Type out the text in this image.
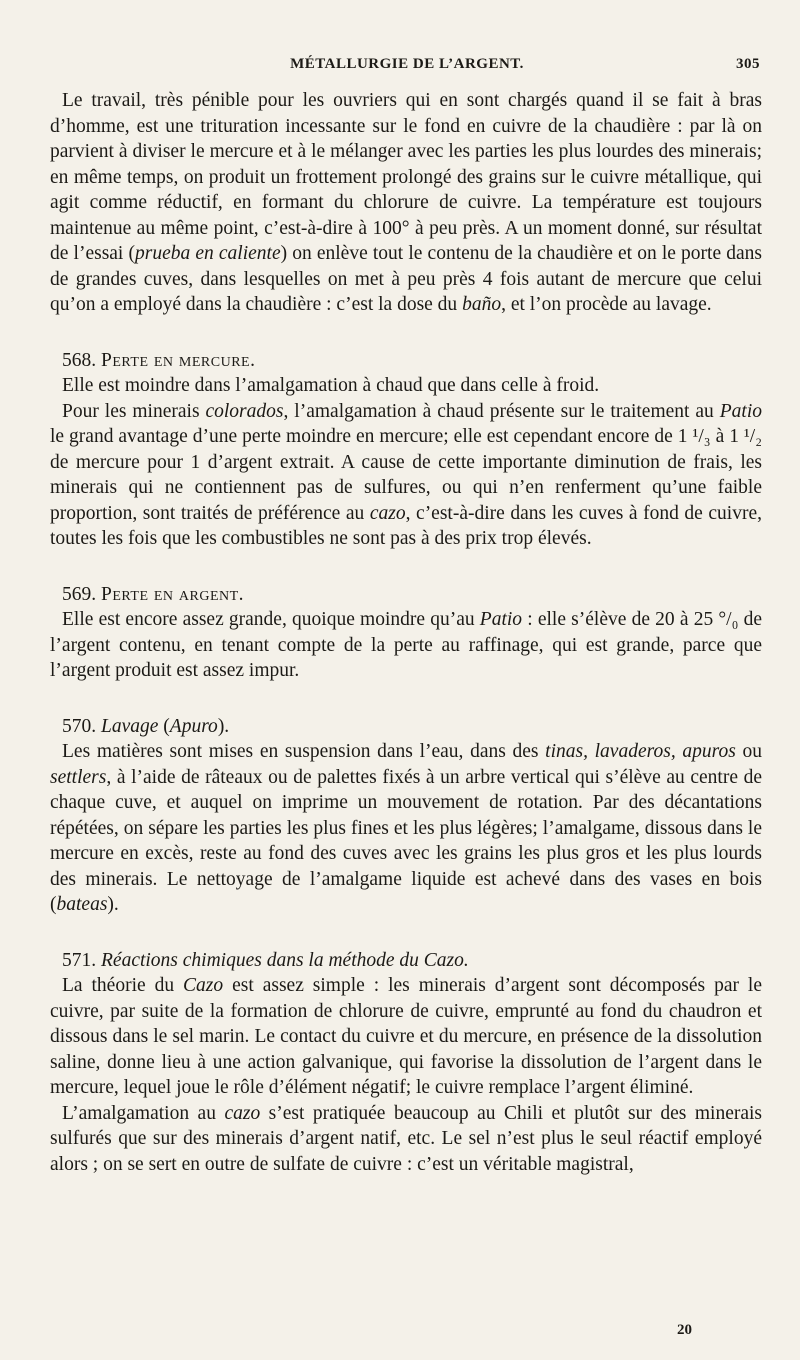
MÉTALLURGIE DE L’ARGENT.	305

Le travail, très pénible pour les ouvriers qui en sont chargés quand il se fait à bras d’homme, est une trituration incessante sur le fond en cuivre de la chaudière : par là on parvient à diviser le mercure et à le mélanger avec les parties les plus lourdes des minerais; en même temps, on produit un frottement prolongé des grains sur le cuivre métallique, qui agit comme réductif, en formant du chlorure de cuivre. La température est toujours maintenue au même point, c’est-à-dire à 100° à peu près. A un moment donné, sur résultat de l’essai (prueba en caliente) on enlève tout le contenu de la chaudière et on le porte dans de grandes cuves, dans lesquelles on met à peu près 4 fois autant de mercure que celui qu’on a employé dans la chaudière : c’est la dose du baño, et l’on procède au lavage.

568. Perte en mercure.

Elle est moindre dans l’amalgamation à chaud que dans celle à froid.

Pour les minerais colorados, l’amalgamation à chaud présente sur le traitement au Patio le grand avantage d’une perte moindre en mercure; elle est cependant encore de 1 ¹/₃ à 1 ¹/₂ de mercure pour 1 d’argent extrait. A cause de cette importante diminution de frais, les minerais qui ne contiennent pas de sulfures, ou qui n’en renferment qu’une faible proportion, sont traités de préférence au cazo, c’est-à-dire dans les cuves à fond de cuivre, toutes les fois que les combustibles ne sont pas à des prix trop élevés.

569. Perte en argent.

Elle est encore assez grande, quoique moindre qu’au Patio : elle s’élève de 20 à 25 °/₀ de l’argent contenu, en tenant compte de la perte au raffinage, qui est grande, parce que l’argent produit est assez impur.

570. Lavage (Apuro).

Les matières sont mises en suspension dans l’eau, dans des tinas, lavaderos, apuros ou settlers, à l’aide de râteaux ou de palettes fixés à un arbre vertical qui s’élève au centre de chaque cuve, et auquel on imprime un mouvement de rotation. Par des décantations répétées, on sépare les parties les plus fines et les plus légères; l’amalgame, dissous dans le mercure en excès, reste au fond des cuves avec les grains les plus gros et les plus lourds des minerais. Le nettoyage de l’amalgame liquide est achevé dans des vases en bois (bateas).

571. Réactions chimiques dans la méthode du Cazo.

La théorie du Cazo est assez simple : les minerais d’argent sont décomposés par le cuivre, par suite de la formation de chlorure de cuivre, emprunté au fond du chaudron et dissous dans le sel marin. Le contact du cuivre et du mercure, en présence de la dissolution saline, donne lieu à une action galvanique, qui favorise la dissolution de l’argent dans le mercure, lequel joue le rôle d’élément négatif; le cuivre remplace l’argent éliminé.

L’amalgamation au cazo s’est pratiquée beaucoup au Chili et plutôt sur des minerais sulfurés que sur des minerais d’argent natif, etc. Le sel n’est plus le seul réactif employé alors ; on se sert en outre de sulfate de cuivre : c’est un véritable magistral,

20
